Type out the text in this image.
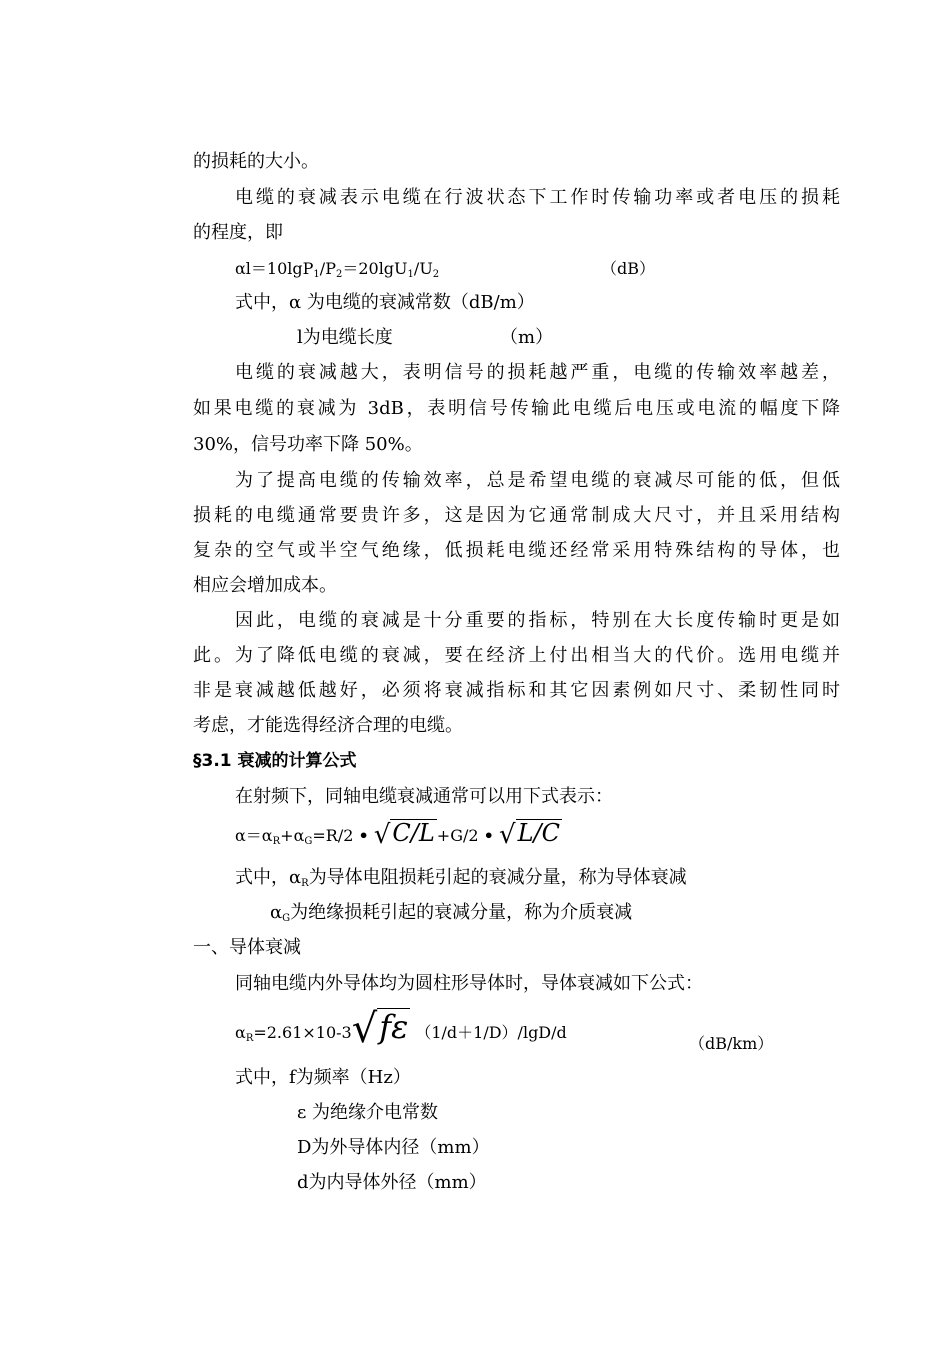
的损耗的大小。
电缆的衰减表示电缆在行波状态下工作时传输功率或者电压的损耗
的程度，即
$\alpha l=10\lg P_1/P_2=20\lg U_1/U_2$	（dB）
式中，α 为电缆的衰减常数（dB/m）
l为电缆长度	（m）
电缆的衰减越大，表明信号的损耗越严重，电缆的传输效率越差，
如果电缆的衰减为 3dB，表明信号传输此电缆后电压或电流的幅度下降
30%，信号功率下降 50%。
为了提高电缆的传输效率，总是希望电缆的衰减尽可能的低，但低
损耗的电缆通常要贵许多，这是因为它通常制成大尺寸，并且采用结构
复杂的空气或半空气绝缘，低损耗电缆还经常采用特殊结构的导体，也
相应会增加成本。
因此，电缆的衰减是十分重要的指标，特别在大长度传输时更是如
此。为了降低电缆的衰减，要在经济上付出相当大的代价。选用电缆并
非是衰减越低越好，必须将衰减指标和其它因素例如尺寸、柔韧性同时
考虑，才能选得经济合理的电缆。
§3.1 衰减的计算公式
在射频下，同轴电缆衰减通常可以用下式表示：
$\alpha=\alpha_R+\alpha_G=R/2$ • √C/L +G/2 • √L/C
式中，$\alpha_R$为导体电阻损耗引起的衰减分量，称为导体衰减
$\alpha_G$为绝缘损耗引起的衰减分量，称为介质衰减
一、导体衰减
同轴电缆内外导体均为圆柱形导体时，导体衰减如下公式：
$\alpha_R=2.61\times 10-3√f\varepsilon$ （1/d＋1/D）/lgD/d
（dB/km）
式中，f为频率（Hz）
ε 为绝缘介电常数
D为外导体内径（mm）
d为内导体外径（mm）
